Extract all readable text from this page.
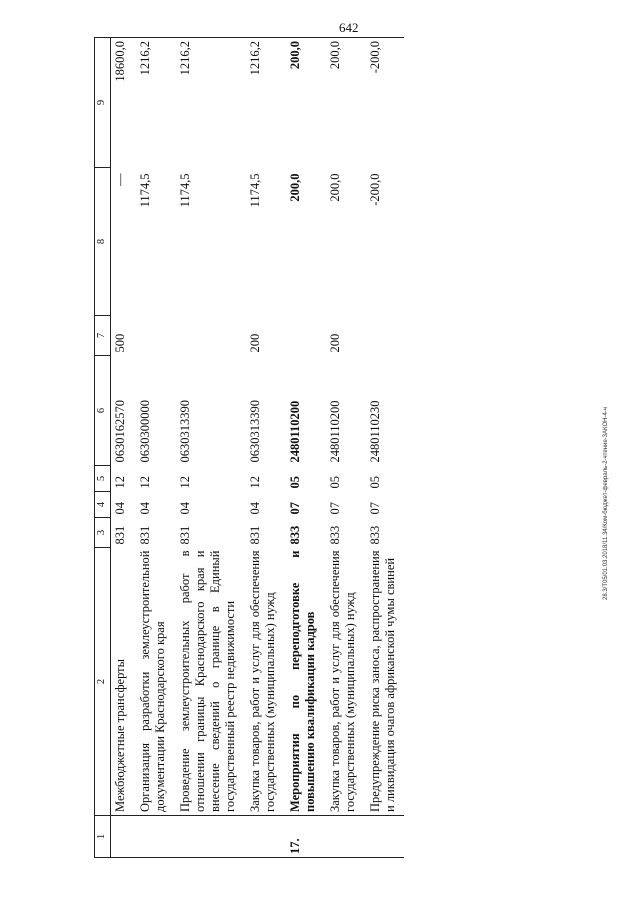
642
28.3/Т05/01.03.2018/11.34/Ком-бюджет-февраль-2-чтение-3АКОН-4-ч
1	2	3	4	5	6	7	8	9
	Межбюджетные трансферты	831	04	12	0630162570	500	—	18600,0
	Организация разработки землеустроительной документации Краснодарского края	831	04	12	0630300000		1174,5	1216,2
	Проведение землеустроительных работ в отношении границы Краснодарского края и внесение сведений о границе в Единый государственный реестр недвижимости	831	04	12	0630313390		1174,5	1216,2
	Закупка товаров, работ и услуг для обеспечения государственных (муниципальных) нужд	831	04	12	0630313390	200	1174,5	1216,2
17.	Мероприятия по переподготовке и повышению квалификации кадров	833	07	05	2480110200		200,0	200,0
	Закупка товаров, работ и услуг для обеспечения государственных (муниципальных) нужд	833	07	05	2480110200	200	200,0	200,0
	Предупреждение риска заноса, распространения и ликвидация очагов африканской чумы свиней	833	07	05	2480110230		-200,0	-200,0
